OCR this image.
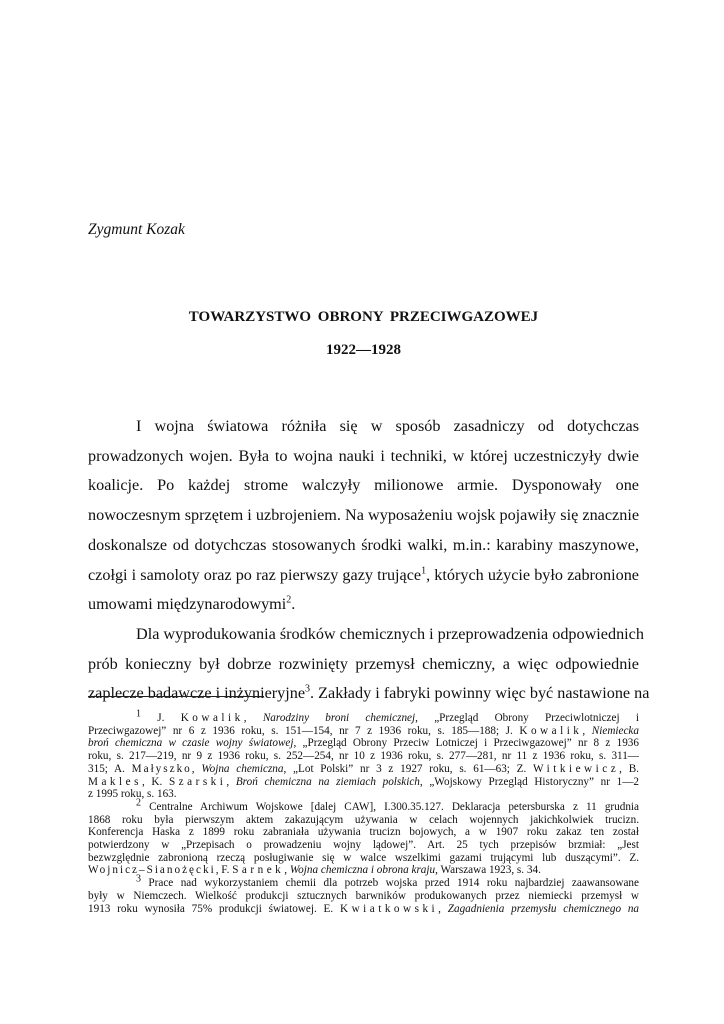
Zygmunt Kozak
TOWARZYSTWO OBRONY PRZECIWGAZOWEJ
1922—1928
I wojna światowa różniła się w sposób zasadniczy od dotychczas
prowadzonych wojen. Była to wojna nauki i techniki, w której uczestniczyły dwie
koalicje. Po każdej strome walczyły milionowe armie. Dysponowały one
nowoczesnym sprzętem i uzbrojeniem. Na wyposażeniu wojsk pojawiły się znacznie
doskonalsze od dotychczas stosowanych środki walki, m.in.: karabiny maszynowe,
czołgi i samoloty oraz po raz pierwszy gazy trujące$^1$, których użycie było zabronione
umowami międzynarodowymi$^2$.
Dla wyprodukowania środków chemicznych i przeprowadzenia odpowiednich
prób konieczny był dobrze rozwinięty przemysł chemiczny, a więc odpowiednie
zaplecze badawcze i inżynieryjne$^3$. Zakłady i fabryki powinny więc być nastawione na
$^1$ J. Kowalik, Narodziny broni chemicznej, „Przegląd Obrony Przeciwlotniczej i
Przeciwgazowej” nr 6 z 1936 roku, s. 151—154, nr 7 z 1936 roku, s. 185—188; J. Kowalik, Niemiecka
broń chemiczna w czasie wojny światowej, „Przegląd Obrony Przeciw Lotniczej i Przeciwgazowej” nr 8 z 1936
roku, s. 217—219, nr 9 z 1936 roku, s. 252—254, nr 10 z 1936 roku, s. 277—281, nr 11 z 1936 roku, s. 311—
315; A. Małyszko, Wojna chemiczna, „Lot Polski” nr 3 z 1927 roku, s. 61—63; Z. Witkiewicz, B.
Makles, K. Szarski, Broń chemiczna na ziemiach polskich, „Wojskowy Przegląd Historyczny” nr 1—2
z 1995 roku, s. 163.
$^2$ Centralne Archiwum Wojskowe [dalej CAW], I.300.35.127. Deklaracja petersburska z 11 grudnia
1868 roku była pierwszym aktem zakazującym używania w celach wojennych jakichkolwiek trucizn.
Konferencja Haska z 1899 roku zabraniała używania trucizn bojowych, a w 1907 roku zakaz ten został
potwierdzony w „Przepisach o prowadzeniu wojny lądowej”. Art. 25 tych przepisów brzmiał: „Jest
bezwzględnie zabronioną rzeczą posługiwanie się w walce wszelkimi gazami trującymi lub duszącymi”. Z.
Wojnicz–Sianożęcki, F. Sarnek, Wojna chemiczna i obrona kraju, Warszawa 1923, s. 34.
$^3$ Prace nad wykorzystaniem chemii dla potrzeb wojska przed 1914 roku najbardziej zaawansowane
były w Niemczech. Wielkość produkcji sztucznych barwników produkowanych przez niemiecki przemysł w
1913 roku wynosiła 75% produkcji światowej. E. Kwiatkowski, Zagadnienia przemysłu chemicznego na
